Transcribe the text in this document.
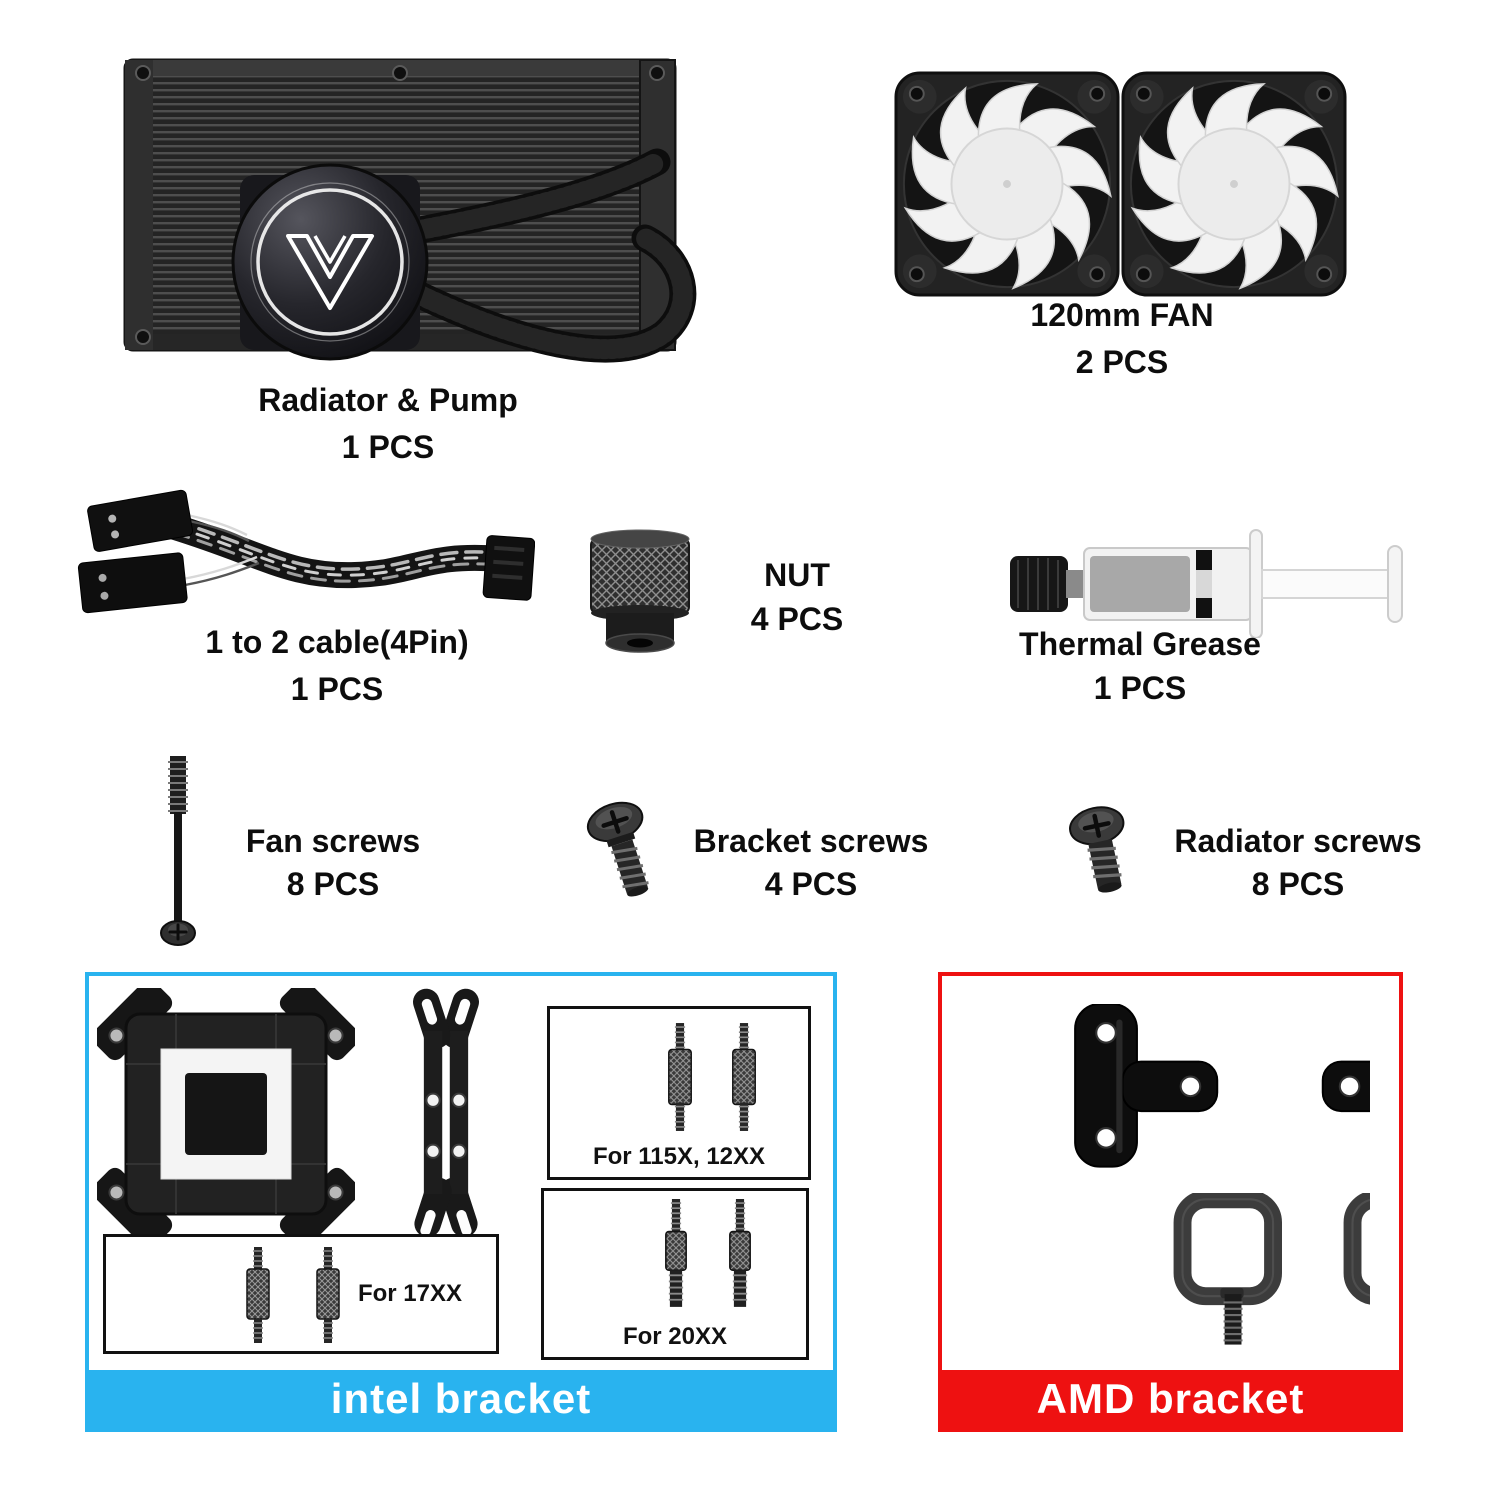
Radiator & Pump
1 PCS
120mm FAN
2 PCS
1 to 2 cable(4Pin)
1 PCS
NUT
4 PCS
Thermal Grease
1 PCS
Fan screws
8 PCS
Bracket screws
4 PCS
Radiator screws
8 PCS
For 115X, 12XX
For 20XX
For 17XX
intel bracket	AMD bracket
